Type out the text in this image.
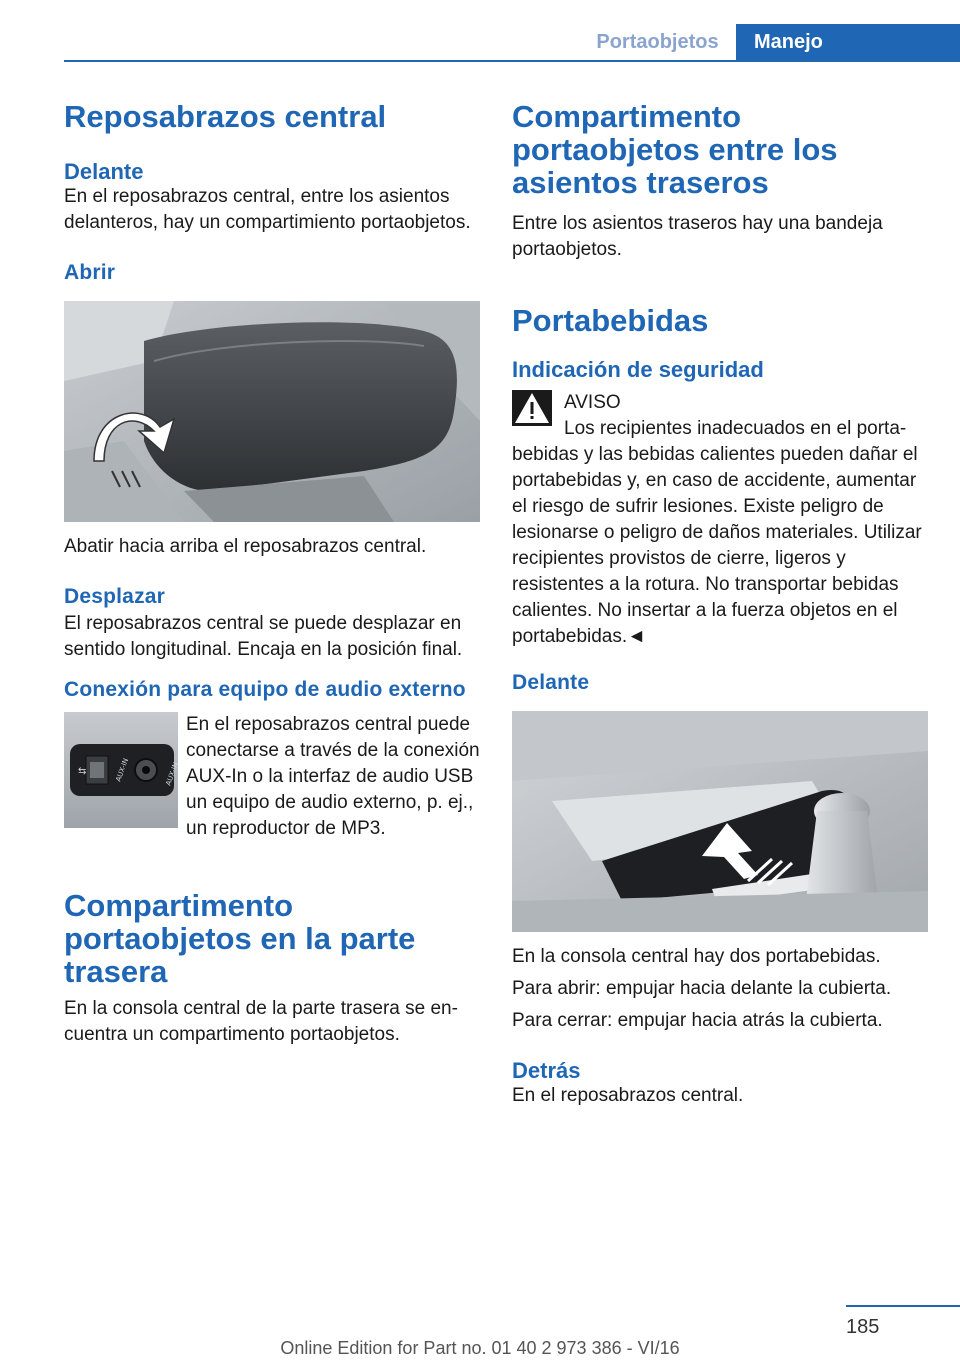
Portaobjetos	Manejo
Reposabrazos central
Delante

En el reposabrazos central, entre los asientos delanteros, hay un compartimiento portaobjetos.

Abrir

Abatir hacia arriba el reposabrazos central.

Desplazar

El reposabrazos central se puede desplazar en sentido longitudinal. Encaja en la posición final.

Conexión para equipo de audio externo
⇆	AUX-IN	AUX-IN

En el reposabrazos central puede conectarse a través de la conexión AUX-In o la interfaz de audio USB un equipo de audio externo, p. ej., un reproductor de MP3.

Compartimento portaobjetos en la parte trasera

En la consola central de la parte trasera se encuentra un compartimento portaobjetos.

Compartimento portaobjetos entre los asientos traseros

Entre los asientos traseros hay una bandeja portaobjetos.

Portabebidas
Indicación de seguridad

AVISO

Los recipientes inadecuados en el portabebidas y las bebidas calientes pueden dañar el portabebidas y, en caso de accidente, aumentar el riesgo de sufrir lesiones. Existe peligro de lesionarse o peligro de daños materiales. Utilizar recipientes provistos de cierre, ligeros y resistentes a la rotura. No transportar bebidas calientes. No insertar a la fuerza objetos en el portabebidas.◄

Delante

En la consola central hay dos portabebidas.

Para abrir: empujar hacia delante la cubierta.

Para cerrar: empujar hacia atrás la cubierta.

Detrás

En el reposabrazos central.

185
Online Edition for Part no. 01 40 2 973 386 - VI/16
